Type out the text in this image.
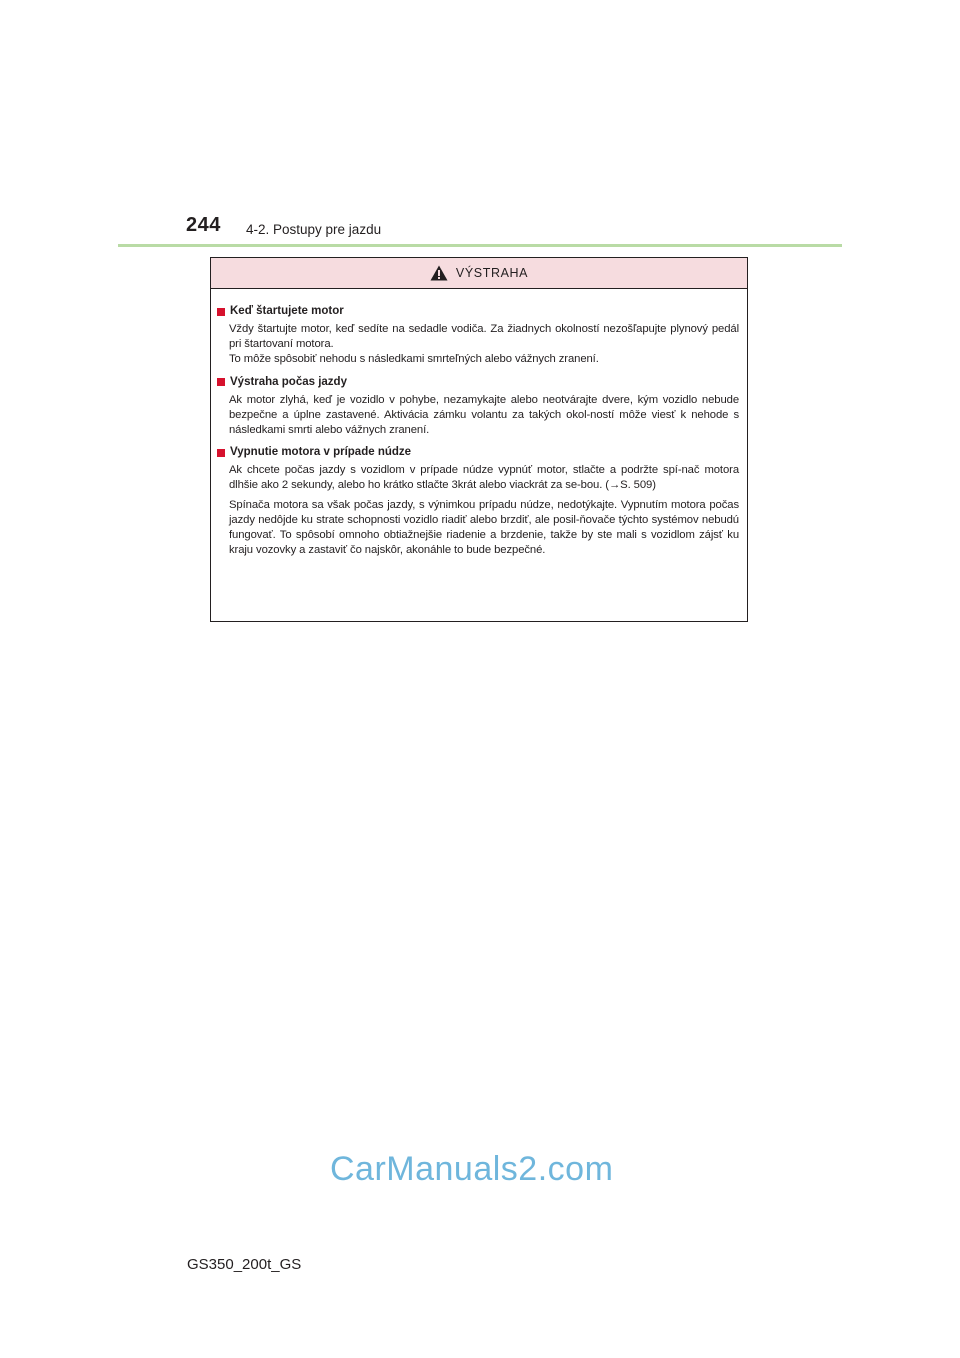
244 4-2. Postupy pre jazdu
VÝSTRAHA
Keď štartujete motor

Vždy štartujte motor, keď sedíte na sedadle vodiča. Za žiadnych okolností nezošľapujte plynový pedál pri štartovaní motora.

To môže spôsobiť nehodu s následkami smrteľných alebo vážnych zranení.

Výstraha počas jazdy

Ak motor zlyhá, keď je vozidlo v pohybe, nezamykajte alebo neotvárajte dvere, kým vozidlo nebude bezpečne a úplne zastavené. Aktivácia zámku volantu za takých okol-ností môže viesť k nehode s následkami smrti alebo vážnych zranení.

Vypnutie motora v prípade núdze

Ak chcete počas jazdy s vozidlom v prípade núdze vypnúť motor, stlačte a podržte spí-nač motora dlhšie ako 2 sekundy, alebo ho krátko stlačte 3krát alebo viackrát za se-bou. (→S. 509)

Spínača motora sa však počas jazdy, s výnimkou prípadu núdze, nedotýkajte. Vypnutím motora počas jazdy nedôjde ku strate schopnosti vozidlo riadiť alebo brzdiť, ale posil-ňovače týchto systémov nebudú fungovať. To spôsobí omnoho obtiažnejšie riadenie a brzdenie, takže by ste mali s vozidlom zájsť ku kraju vozovky a zastaviť čo najskôr, akonáhle to bude bezpečné.

CarManuals2.com
GS350_200t_GS
